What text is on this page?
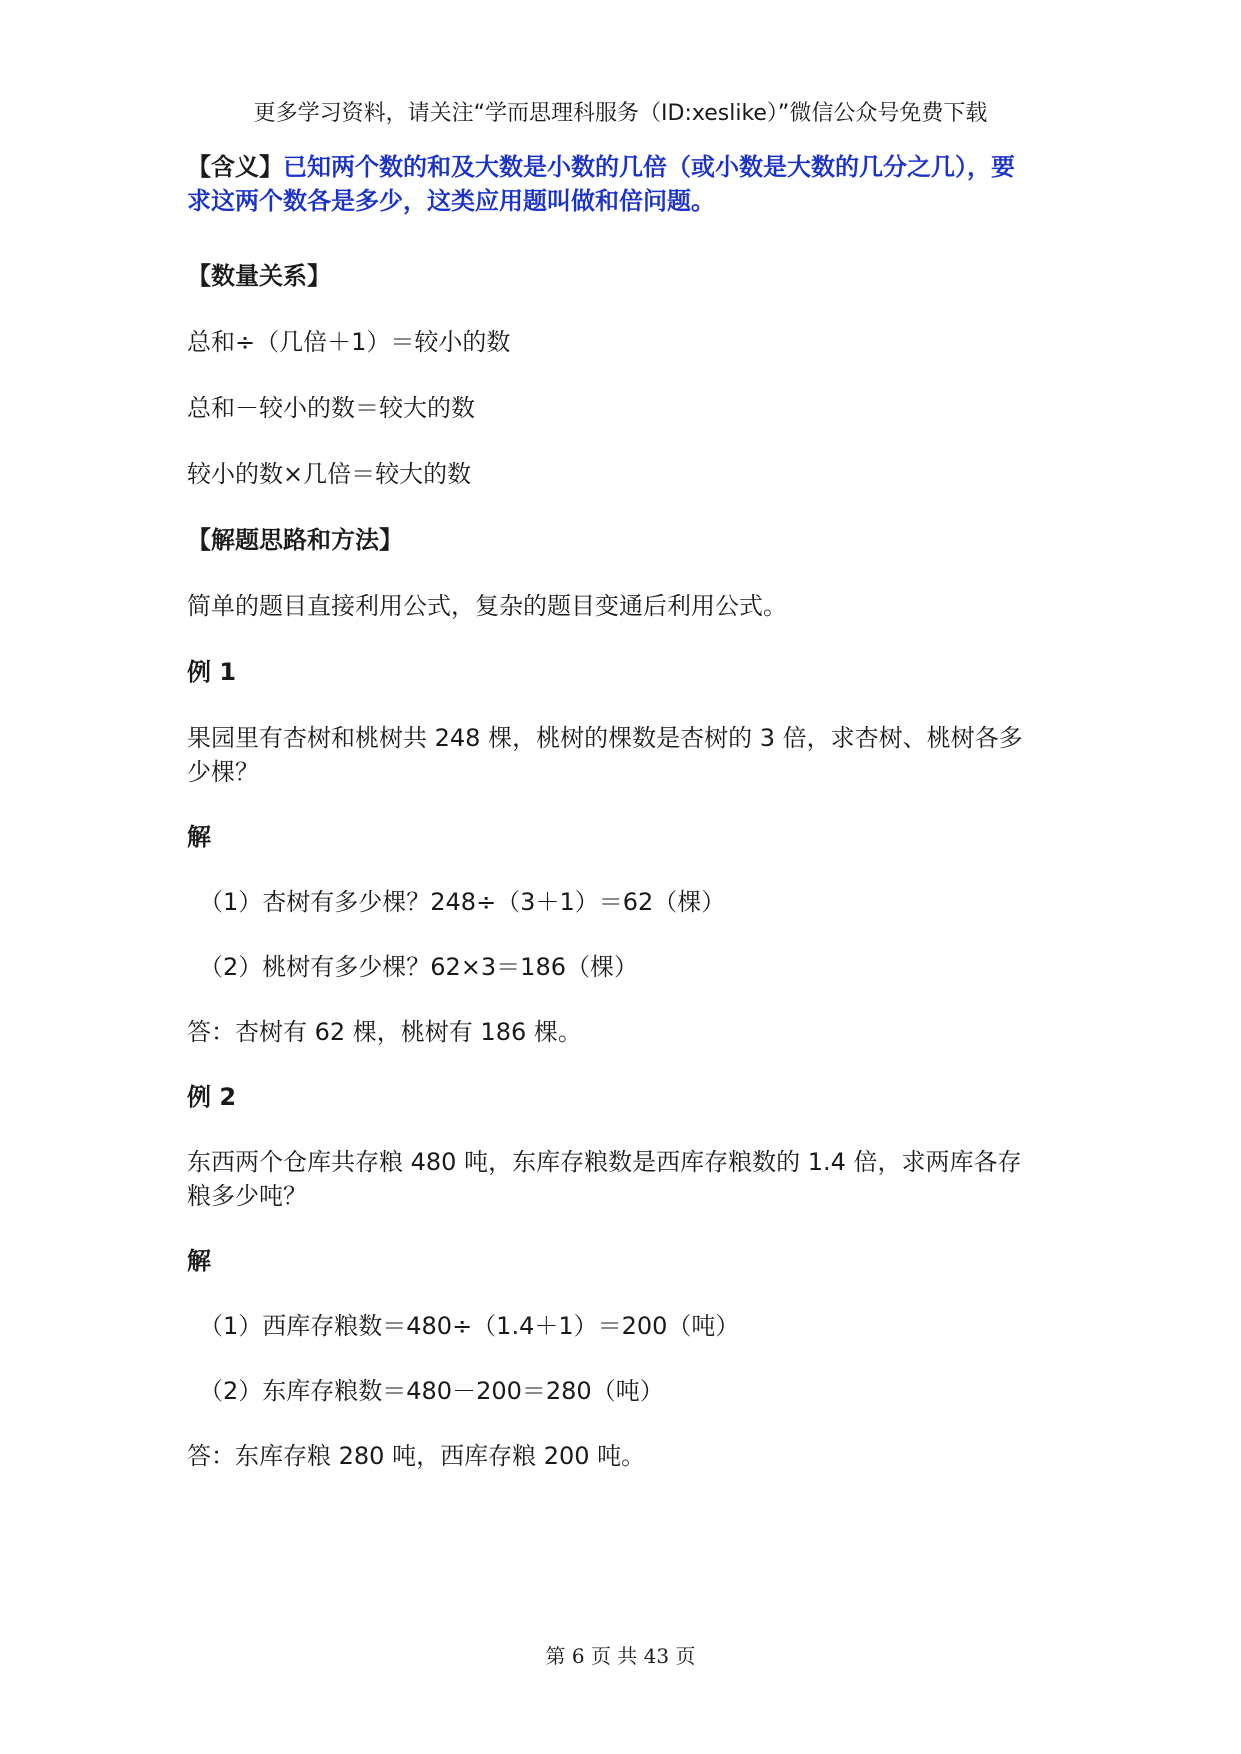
更多学习资料，请关注“学而思理科服务（ID:xeslike）”微信公众号免费下载
【含义】已知两个数的和及大数是小数的几倍（或小数是大数的几分之几），要
求这两个数各是多少，这类应用题叫做和倍问题。
【数量关系】
总和÷（几倍＋1）＝较小的数
总和－较小的数＝较大的数
较小的数×几倍＝较大的数
【解题思路和方法】
简单的题目直接利用公式，复杂的题目变通后利用公式。
例 1
果园里有杏树和桃树共 248 棵，桃树的棵数是杏树的 3 倍，求杏树、桃树各多
少棵？
解
（1）杏树有多少棵？248÷（3＋1）＝62（棵）
（2）桃树有多少棵？62×3＝186（棵）
答：杏树有 62 棵，桃树有 186 棵。
例 2
东西两个仓库共存粮 480 吨，东库存粮数是西库存粮数的 1.4 倍，求两库各存
粮多少吨？
解
（1）西库存粮数＝480÷（1.4＋1）＝200（吨）
（2）东库存粮数＝480－200＝280（吨）
答：东库存粮 280 吨，西库存粮 200 吨。
第 6 页 共 43 页
